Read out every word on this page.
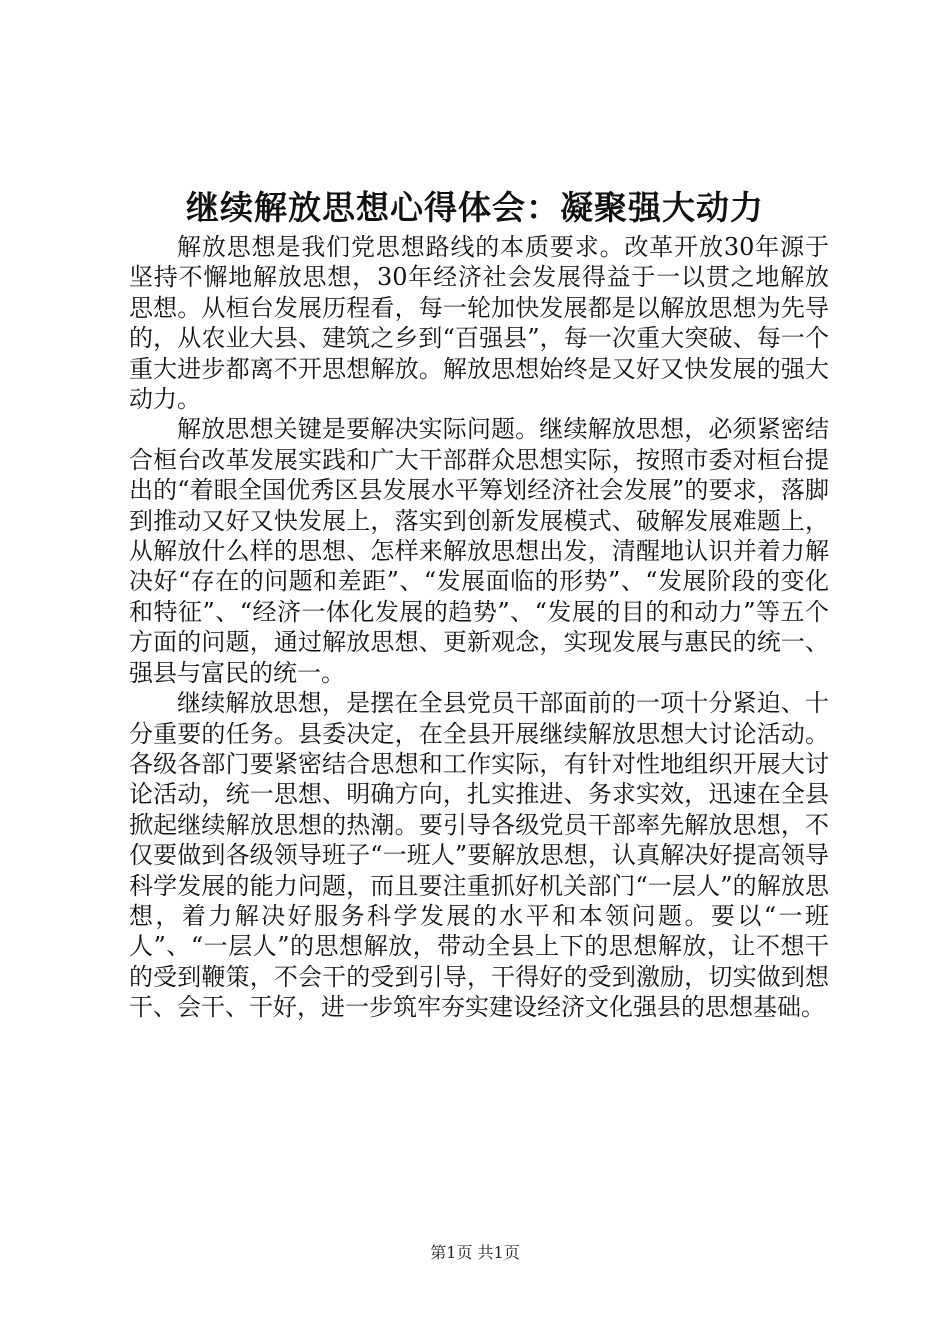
继续解放思想心得体会：凝聚强大动力

解放思想是我们党思想路线的本质要求。改革开放30年源于坚持不懈地解放思想，30年经济社会发展得益于一以贯之地解放思想。从桓台发展历程看，每一轮加快发展都是以解放思想为先导的，从农业大县、建筑之乡到“百强县”，每一次重大突破、每一个重大进步都离不开思想解放。解放思想始终是又好又快发展的强大动力。

解放思想关键是要解决实际问题。继续解放思想，必须紧密结合桓台改革发展实践和广大干部群众思想实际，按照市委对桓台提出的“着眼全国优秀区县发展水平筹划经济社会发展”的要求，落脚到推动又好又快发展上，落实到创新发展模式、破解发展难题上，从解放什么样的思想、怎样来解放思想出发，清醒地认识并着力解决好“存在的问题和差距”、“发展面临的形势”、“发展阶段的变化和特征”、“经济一体化发展的趋势”、“发展的目的和动力”等五个方面的问题，通过解放思想、更新观念，实现发展与惠民的统一、强县与富民的统一。

继续解放思想，是摆在全县党员干部面前的一项十分紧迫、十分重要的任务。县委决定，在全县开展继续解放思想大讨论活动。各级各部门要紧密结合思想和工作实际，有针对性地组织开展大讨论活动，统一思想、明确方向，扎实推进、务求实效，迅速在全县掀起继续解放思想的热潮。要引导各级党员干部率先解放思想，不仅要做到各级领导班子“一班人”要解放思想，认真解决好提高领导科学发展的能力问题，而且要注重抓好机关部门“一层人”的解放思想，着力解决好服务科学发展的水平和本领问题。要以“一班人”、“一层人”的思想解放，带动全县上下的思想解放，让不想干的受到鞭策，不会干的受到引导，干得好的受到激励，切实做到想干、会干、干好，进一步筑牢夯实建设经济文化强县的思想基础。

第1页 共1页
